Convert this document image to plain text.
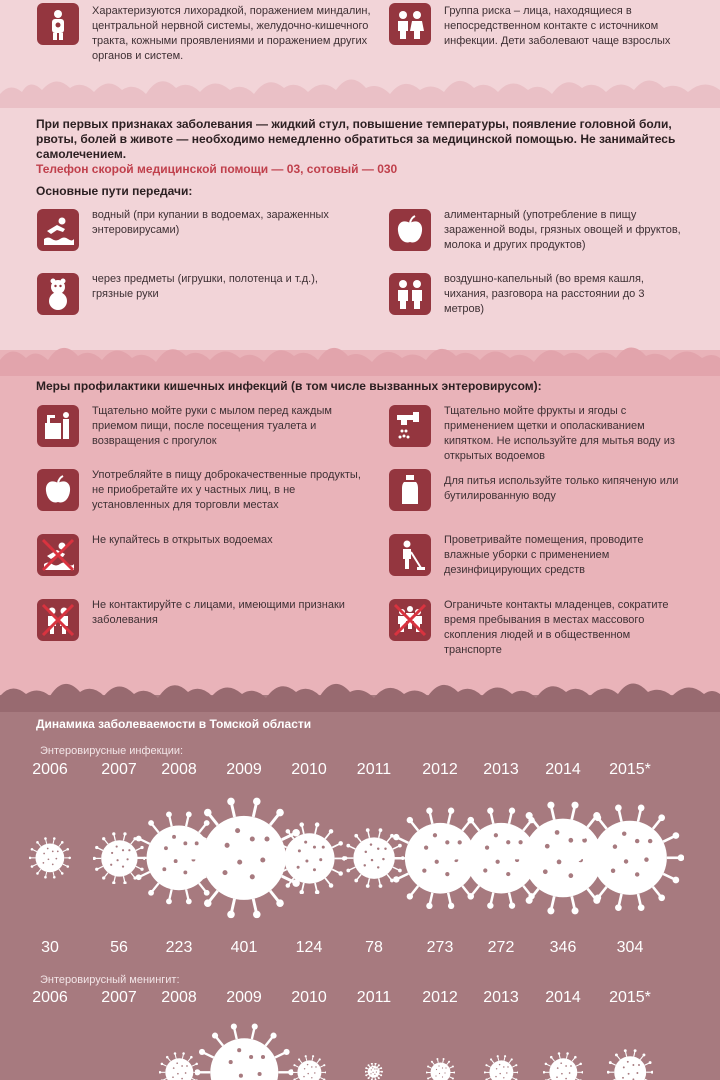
Характеризуются лихорадкой, поражением миндалин, центральной нервной системы, желудочно-кишечного тракта, кожными проявлениями и поражением других органов и систем.
Группа риска – лица, находящиеся в непосредственном контакте с источником инфекции. Дети заболевают чаще взрослых
При первых признаках заболевания — жидкий стул, повышение температуры, появление головной боли, рвоты, болей в животе — необходимо немедленно обратиться за медицинской помощью. Не занимайтесь самолечением.
Телефон скорой медицинской помощи — 03, сотовый — 030
Основные пути передачи:
водный (при купании в водоемах, зараженных энтеровирусами)
алиментарный (употребление в пищу зараженной воды, грязных овощей и фруктов, молока и других продуктов)
через предметы (игрушки, полотенца и т.д.), грязные руки
воздушно-капельный (во время кашля, чихания, разговора на расстоянии до 3 метров)
Меры профилактики кишечных инфекций (в том числе вызванных энтеровирусом):
Тщательно мойте руки с мылом перед каждым приемом пищи, после посещения туалета и возвращения с прогулок
Тщательно мойте фрукты и ягоды с применением щетки и ополаскиванием кипятком. Не используйте для мытья воду из открытых водоемов
Употребляйте в пищу доброкачественные продукты, не приобретайте их у частных лиц, в не установленных для торговли местах
Для питья используйте только кипяченую или бутилированную воду
Не купайтесь в открытых водоемах	Проветривайте помещения, проводите влажные уборки с применением дезинфицирующих средств
Не контактируйте с лицами, имеющими признаки заболевания
Ограничьте контакты младенцев, сократите время пребывания в местах массового скопления людей и в общественном транспорте
Динамика заболеваемости в Томской области
Энтеровирусные инфекции:
Энтеровирусный менингит:
2006	2007	2008	2009	2010	2011	2012	2013	2014	2015*
30	56	223	401	124	78	273	272	346	304
2006	2007	2008	2009	2010	2011	2012	2013	2014	2015*
